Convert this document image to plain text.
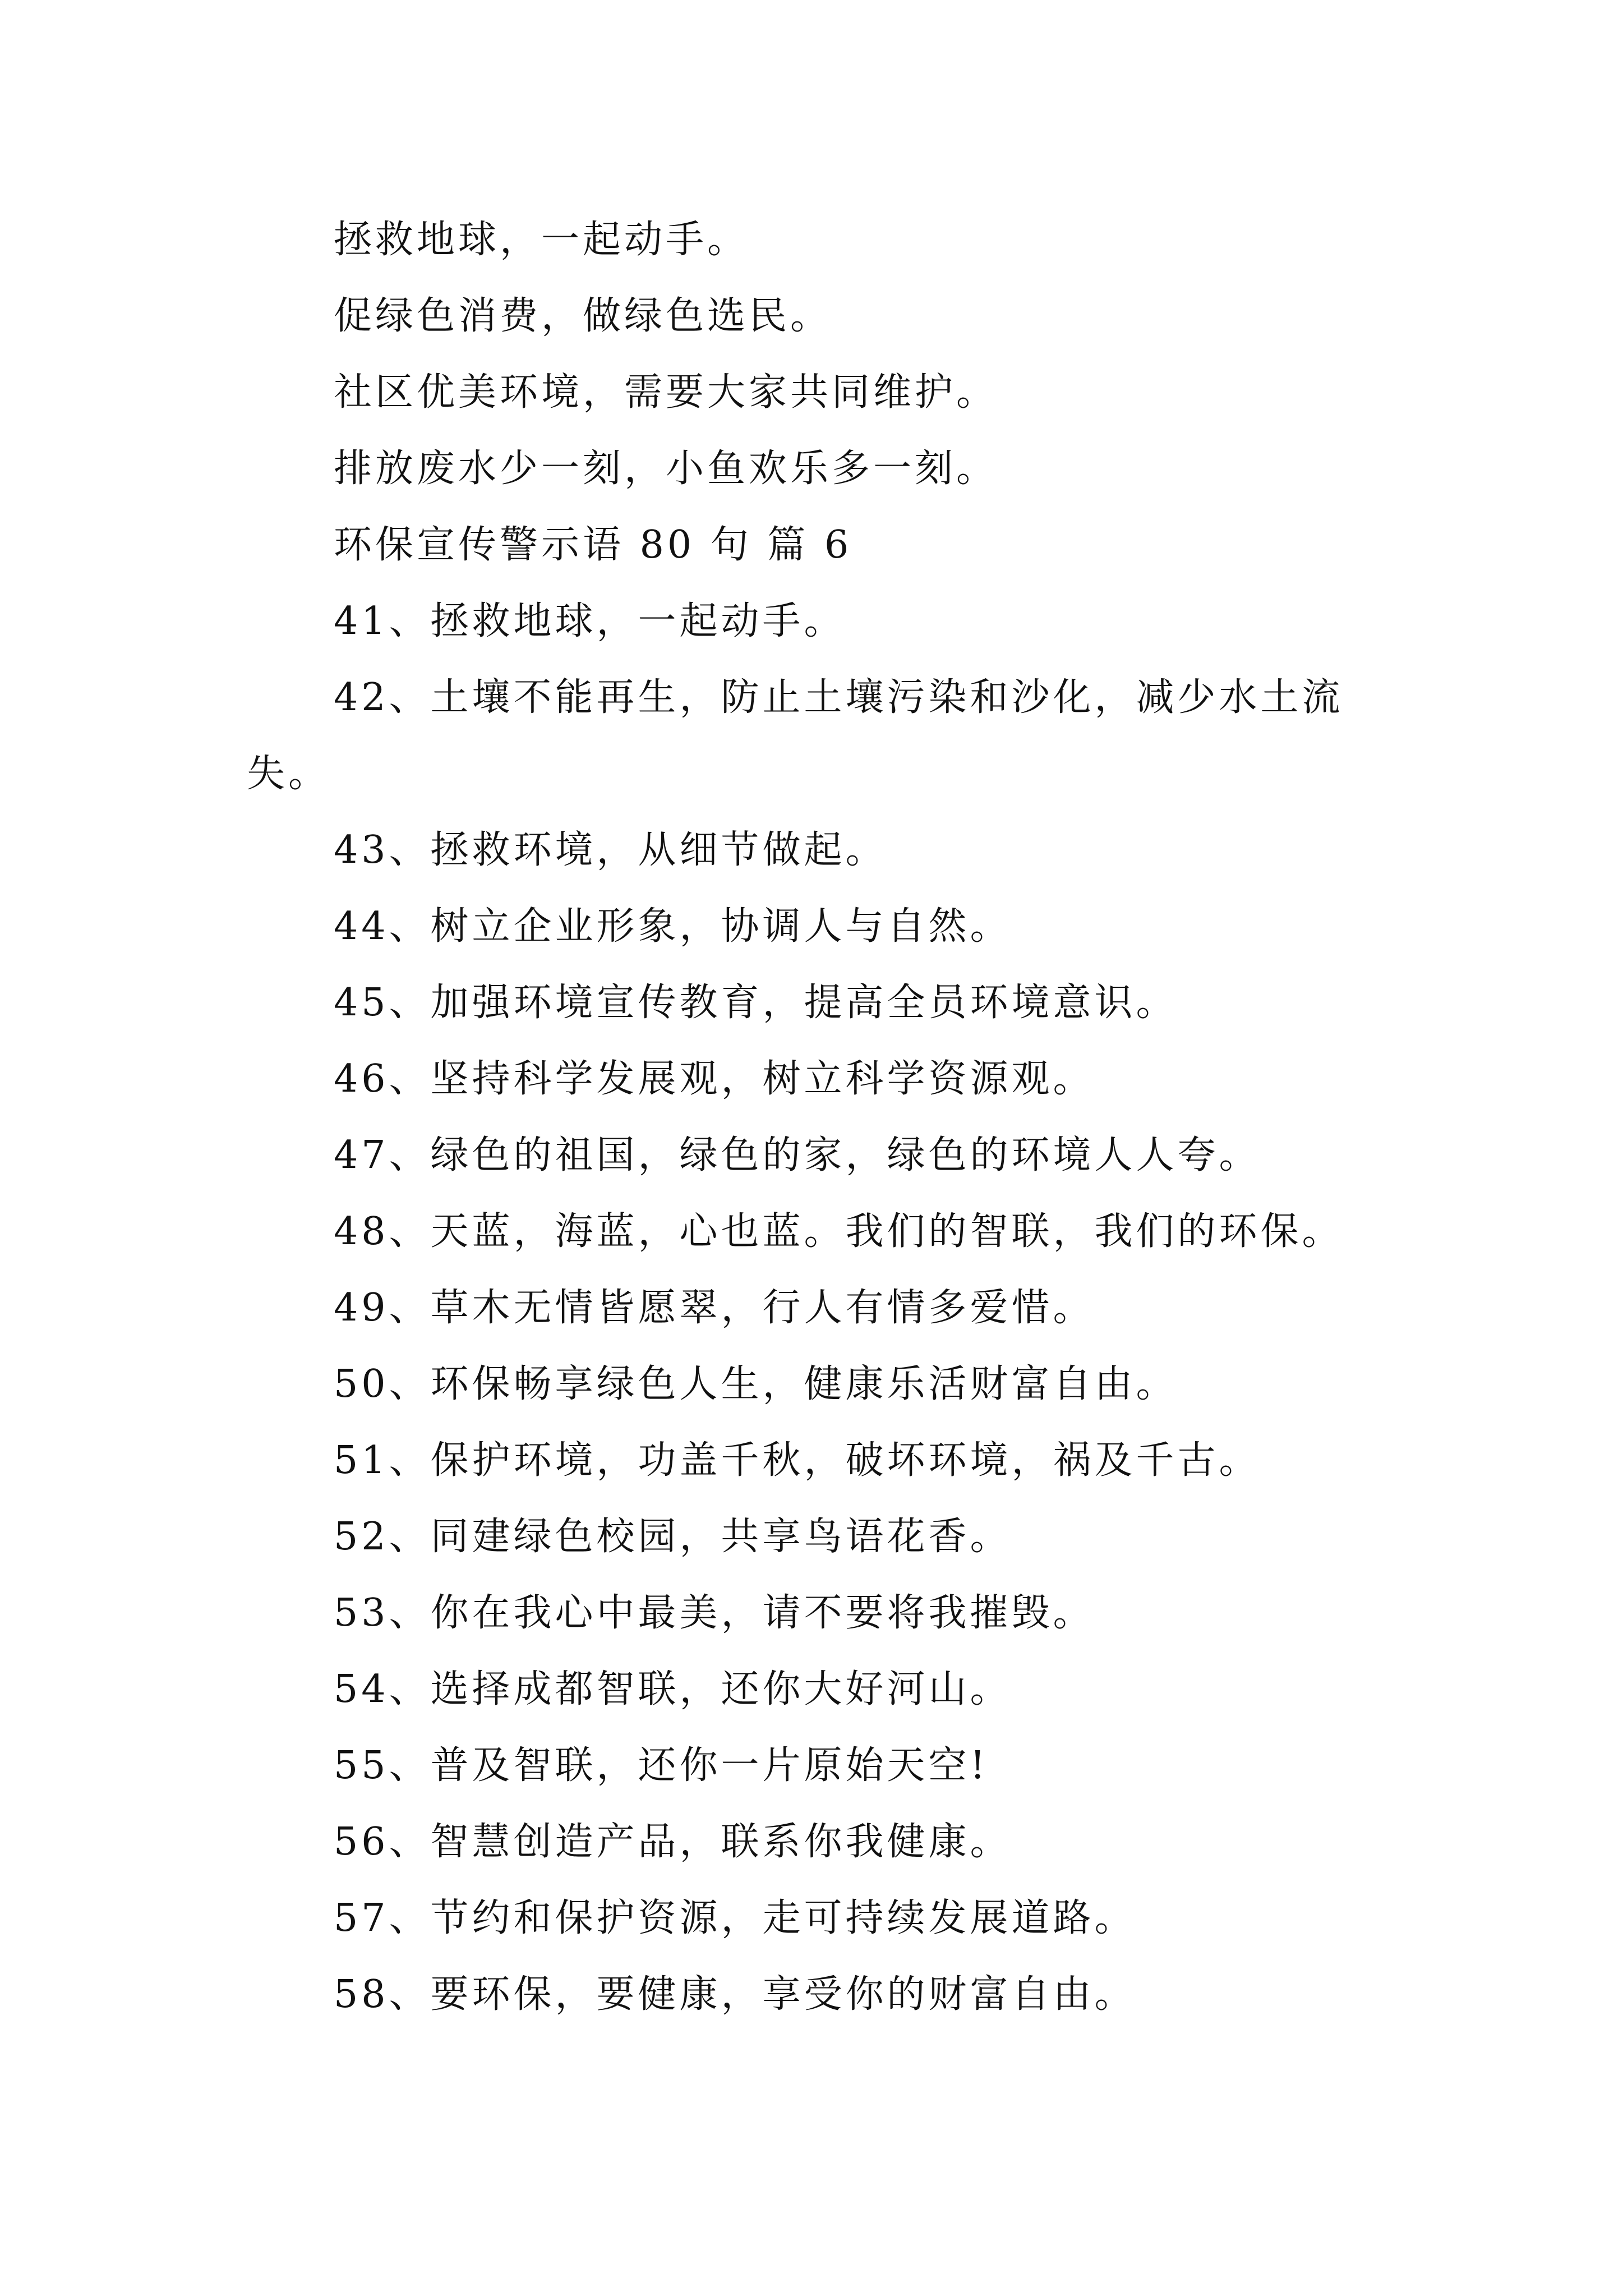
拯救地球，一起动手。
促绿色消费，做绿色选民。
社区优美环境，需要大家共同维护。
排放废水少一刻，小鱼欢乐多一刻。
环保宣传警示语 80 句 篇 6
41、拯救地球，一起动手。
42、土壤不能再生，防止土壤污染和沙化，减少水土流
失。
43、拯救环境，从细节做起。
44、树立企业形象，协调人与自然。
45、加强环境宣传教育，提高全员环境意识。
46、坚持科学发展观，树立科学资源观。
47、绿色的祖国，绿色的家，绿色的环境人人夸。
48、天蓝，海蓝，心也蓝。我们的智联，我们的环保。
49、草木无情皆愿翠，行人有情多爱惜。
50、环保畅享绿色人生，健康乐活财富自由。
51、保护环境，功盖千秋，破坏环境，祸及千古。
52、同建绿色校园，共享鸟语花香。
53、你在我心中最美，请不要将我摧毁。
54、选择成都智联，还你大好河山。
55、普及智联，还你一片原始天空!
56、智慧创造产品，联系你我健康。
57、节约和保护资源，走可持续发展道路。
58、要环保，要健康，享受你的财富自由。
